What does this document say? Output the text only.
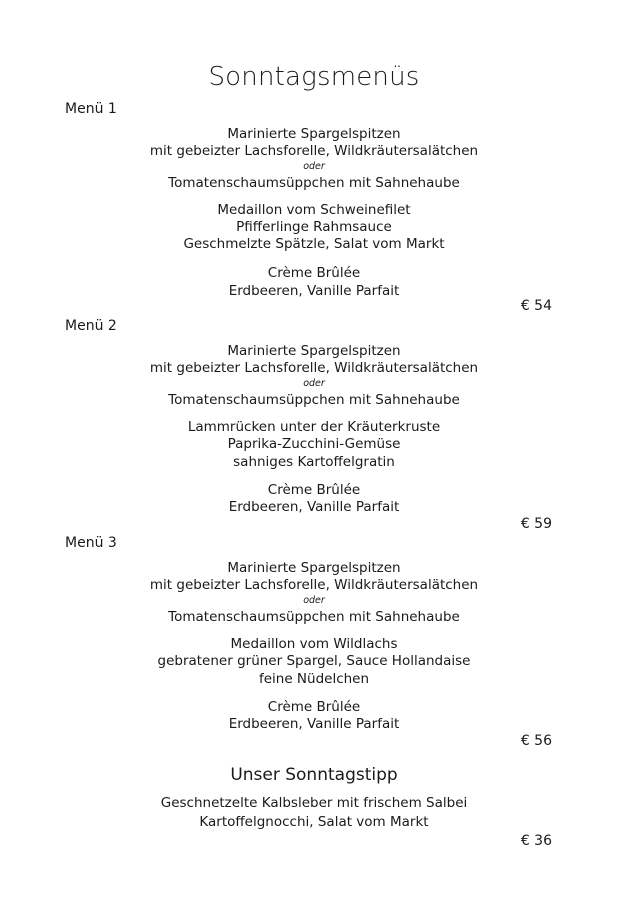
Sonntagsmenüs
Menü 1
Marinierte Spargelspitzen
mit gebeizter Lachsforelle, Wildkräutersalätchen
oder
Tomatenschaumsüppchen mit Sahnehaube
Medaillon vom Schweinefilet
Pfifferlinge Rahmsauce
Geschmelzte Spätzle, Salat vom Markt
Crème Brûlée
Erdbeeren, Vanille Parfait
€ 54
Menü 2
Marinierte Spargelspitzen
mit gebeizter Lachsforelle, Wildkräutersalätchen
oder
Tomatenschaumsüppchen mit Sahnehaube
Lammrücken unter der Kräuterkruste
Paprika-Zucchini-Gemüse
sahniges Kartoffelgratin
Crème Brûlée
Erdbeeren, Vanille Parfait
€ 59
Menü 3
Marinierte Spargelspitzen
mit gebeizter Lachsforelle, Wildkräutersalätchen
oder
Tomatenschaumsüppchen mit Sahnehaube
Medaillon vom Wildlachs
gebratener grüner Spargel, Sauce Hollandaise
feine Nüdelchen
Crème Brûlée
Erdbeeren, Vanille Parfait
€ 56
Unser Sonntagstipp
Geschnetzelte Kalbsleber mit frischem Salbei
Kartoffelgnocchi, Salat vom Markt
€ 36
